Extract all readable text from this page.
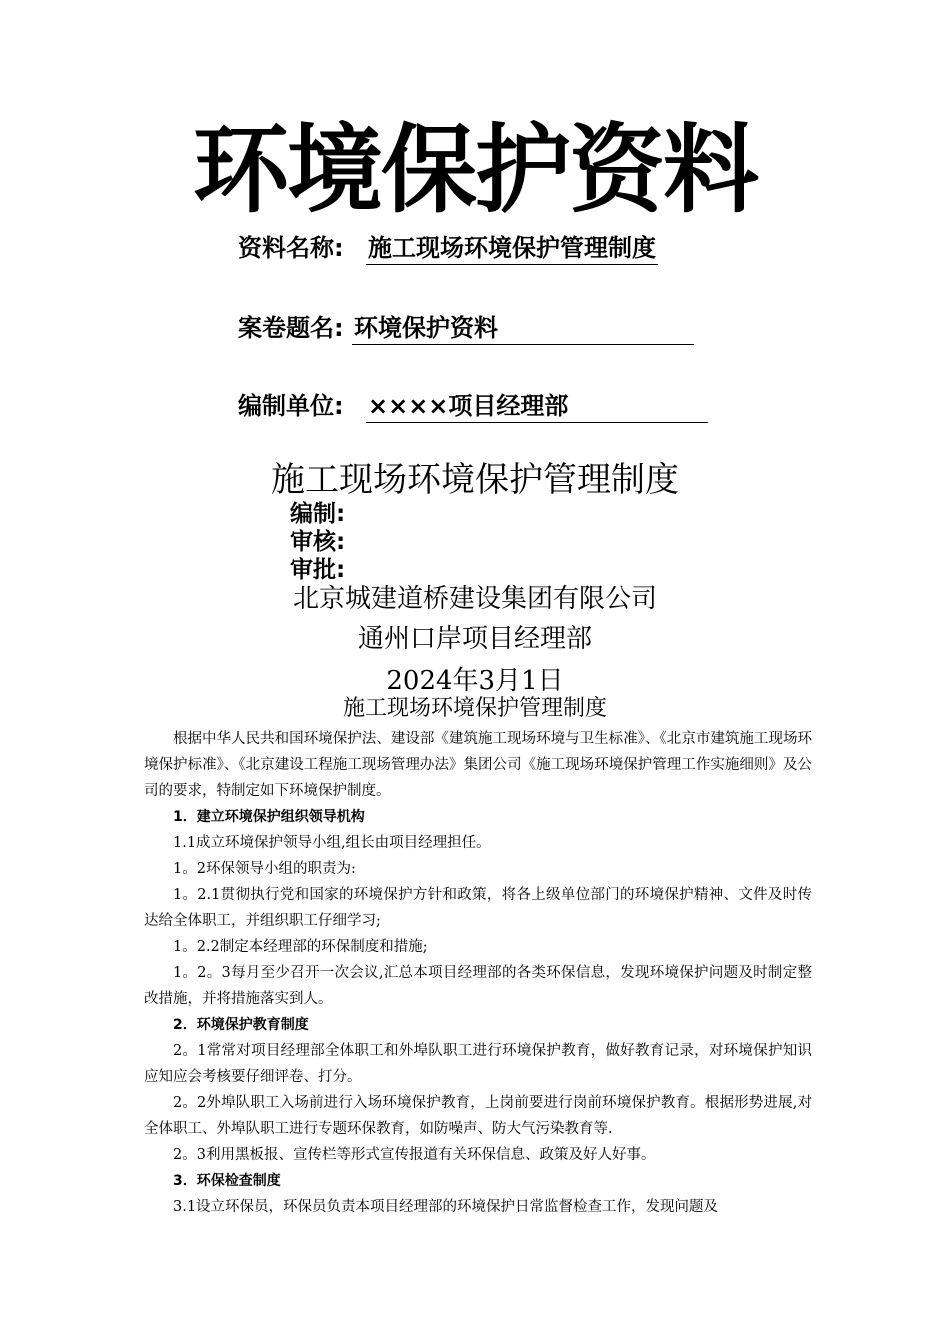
环境保护资料
资料名称: 施工现场环境保护管理制度
案卷题名: 环境保护资料
编制单位: ××××项目经理部
施工现场环境保护管理制度
编制:
审核:
审批:
北京城建道桥建设集团有限公司
通州口岸项目经理部
2024年3月1日
施工现场环境保护管理制度

根据中华人民共和国环境保护法、建设部《建筑施工现场环境与卫生标准》、《北京市建筑施工现场环境保护标准》、《北京建设工程施工现场管理办法》集团公司《施工现场环境保护管理工作实施细则》及公司的要求，特制定如下环境保护制度。

1．建立环境保护组织领导机构

1.1成立环境保护领导小组,组长由项目经理担任。

1。2环保领导小组的职责为:

1。2.1贯彻执行党和国家的环境保护方针和政策，将各上级单位部门的环境保护精神、文件及时传达给全体职工，并组织职工仔细学习;

1。2.2制定本经理部的环保制度和措施;

1。2。3每月至少召开一次会议,汇总本项目经理部的各类环保信息，发现环境保护问题及时制定整改措施，并将措施落实到人。

2．环境保护教育制度

2。1常常对项目经理部全体职工和外埠队职工进行环境保护教育，做好教育记录，对环境保护知识应知应会考核要仔细评卷、打分。

2。2外埠队职工入场前进行入场环境保护教育，上岗前要进行岗前环境保护教育。根据形势进展,对全体职工、外埠队职工进行专题环保教育，如防噪声、防大气污染教育等.

2。3利用黑板报、宣传栏等形式宣传报道有关环保信息、政策及好人好事。

3．环保检查制度

3.1设立环保员，环保员负责本项目经理部的环境保护日常监督检查工作，发现问题及
